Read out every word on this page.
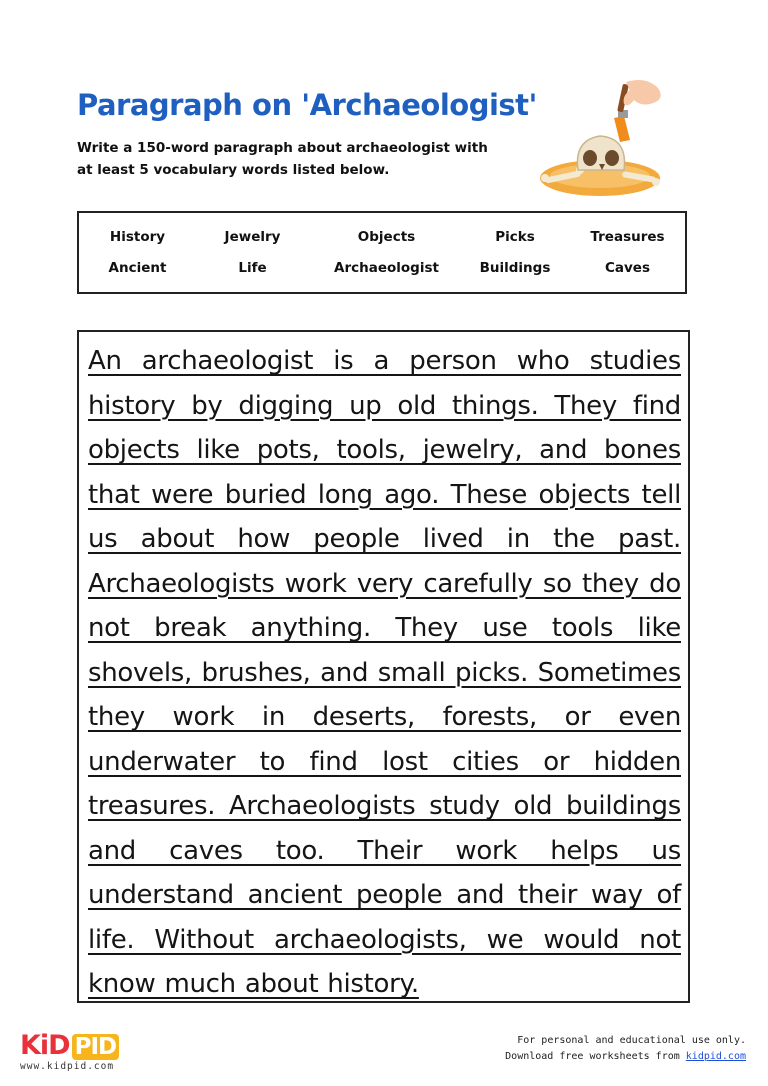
Paragraph on 'Archaeologist'
Write a 150-word paragraph about archaeologist with at least 5 vocabulary words listed below.
History	Jewelry	Objects	Picks	Treasures
Ancient	Life	Archaeologist	Buildings	Caves

An archaeologist is a person who studies history by digging up old things. They find objects like pots, tools, jewelry, and bones that were buried long ago. These objects tell us about how people lived in the past. Archaeologists work very carefully so they do not break anything. They use tools like shovels, brushes, and small picks. Sometimes they work in deserts, forests, or even underwater to find lost cities or hidden treasures. Archaeologists study old buildings and caves too. Their work helps us understand ancient people and their way of life. Without archaeologists, we would not know much about history.

KiD PID
www.kidpid.com
For personal and educational use only.
Download free worksheets from kidpid.com
